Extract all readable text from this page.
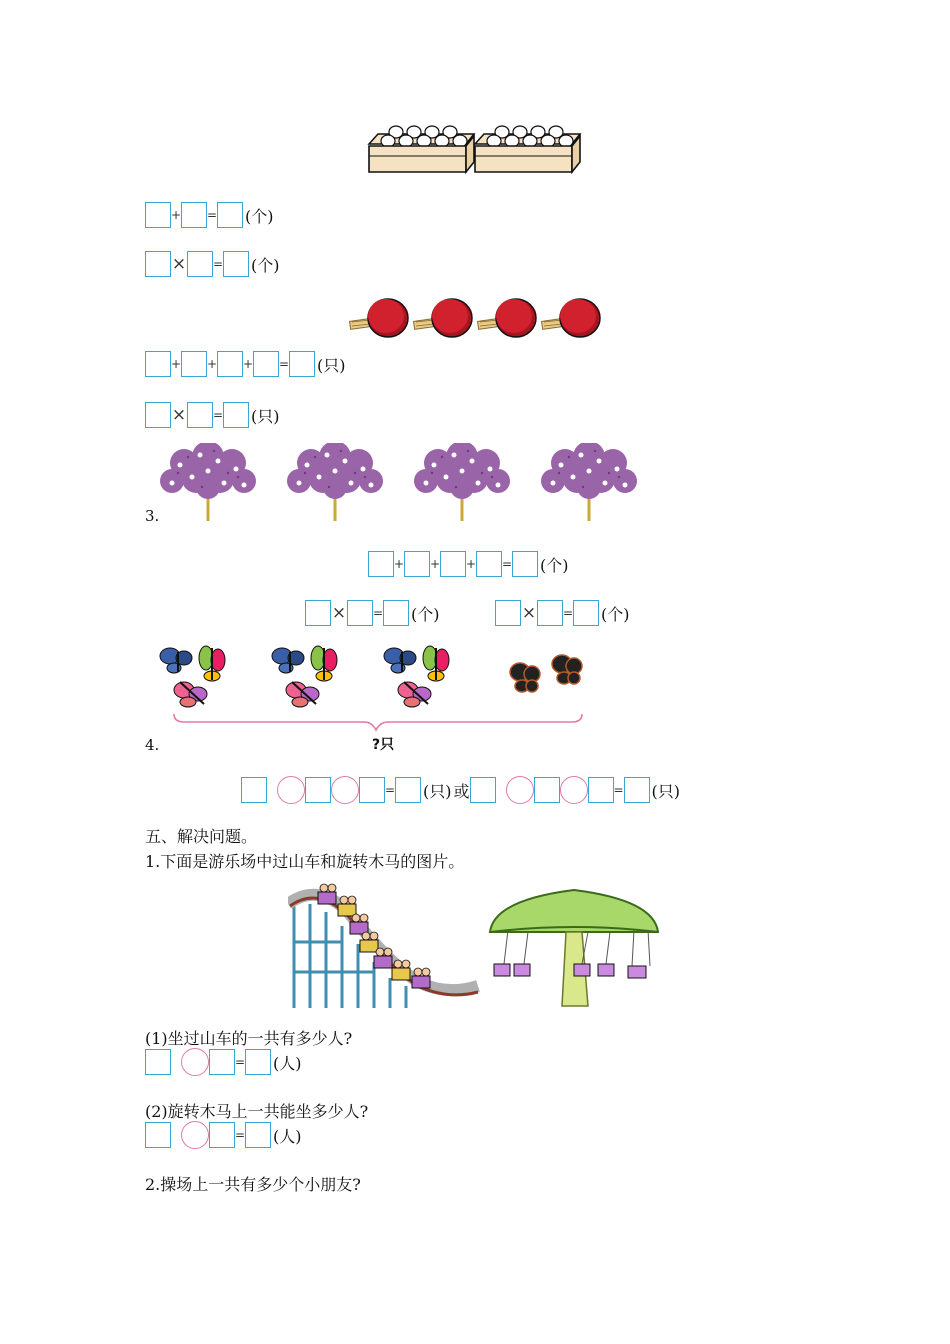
+ = (个)
× = (个)
+ + + = (只)
× = (只)
3.
+ + + = (个)
× = (个)	× = (个)
4.	?只
= (只) 或	= (只)
五、解决问题。
1.下面是游乐场中过山车和旋转木马的图片。
(1)坐过山车的一共有多少人?
= (人)
(2)旋转木马上一共能坐多少人?
= (人)
2.操场上一共有多少个小朋友?
